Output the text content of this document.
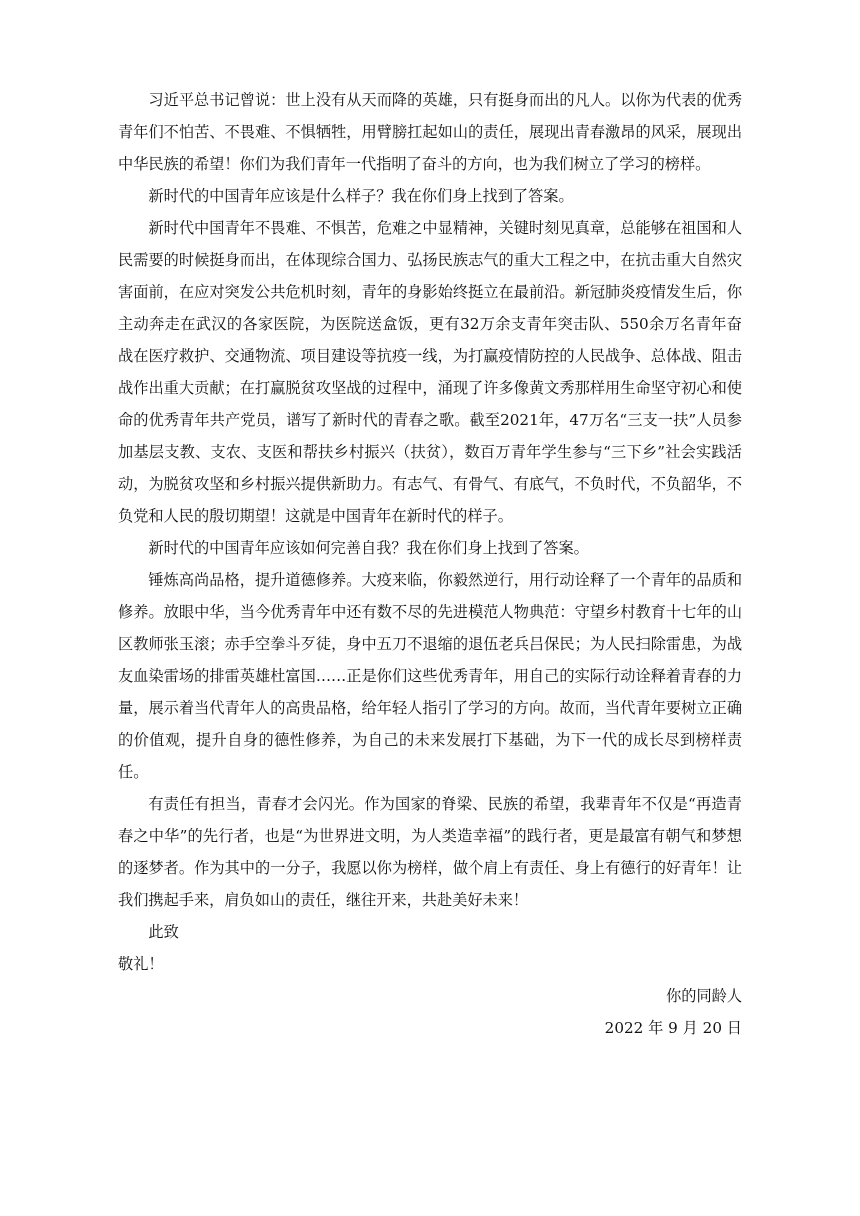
习近平总书记曾说：世上没有从天而降的英雄，只有挺身而出的凡人。以你为代表的优秀青年们不怕苦、不畏难、不惧牺牲，用臂膀扛起如山的责任，展现出青春激昂的风采，展现出中华民族的希望！你们为我们青年一代指明了奋斗的方向，也为我们树立了学习的榜样。

新时代的中国青年应该是什么样子？我在你们身上找到了答案。

新时代中国青年不畏难、不惧苦，危难之中显精神，关键时刻见真章，总能够在祖国和人民需要的时候挺身而出，在体现综合国力、弘扬民族志气的重大工程之中，在抗击重大自然灾害面前，在应对突发公共危机时刻，青年的身影始终挺立在最前沿。新冠肺炎疫情发生后，你主动奔走在武汉的各家医院，为医院送盒饭，更有32万余支青年突击队、550余万名青年奋战在医疗救护、交通物流、项目建设等抗疫一线，为打赢疫情防控的人民战争、总体战、阻击战作出重大贡献；在打赢脱贫攻坚战的过程中，涌现了许多像黄文秀那样用生命坚守初心和使命的优秀青年共产党员，谱写了新时代的青春之歌。截至2021年，47万名“三支一扶”人员参加基层支教、支农、支医和帮扶乡村振兴（扶贫），数百万青年学生参与“三下乡”社会实践活动，为脱贫攻坚和乡村振兴提供新助力。有志气、有骨气、有底气，不负时代，不负韶华，不负党和人民的殷切期望！这就是中国青年在新时代的样子。

新时代的中国青年应该如何完善自我？我在你们身上找到了答案。

锤炼高尚品格，提升道德修养。大疫来临，你毅然逆行，用行动诠释了一个青年的品质和修养。放眼中华，当今优秀青年中还有数不尽的先进模范人物典范：守望乡村教育十七年的山区教师张玉滚；赤手空拳斗歹徒，身中五刀不退缩的退伍老兵吕保民；为人民扫除雷患，为战友血染雷场的排雷英雄杜富国……正是你们这些优秀青年，用自己的实际行动诠释着青春的力量，展示着当代青年人的高贵品格，给年轻人指引了学习的方向。故而，当代青年要树立正确的价值观，提升自身的德性修养，为自己的未来发展打下基础，为下一代的成长尽到榜样责任。

有责任有担当，青春才会闪光。作为国家的脊梁、民族的希望，我辈青年不仅是“再造青春之中华”的先行者，也是“为世界进文明，为人类造幸福”的践行者，更是最富有朝气和梦想的逐梦者。作为其中的一分子，我愿以你为榜样，做个肩上有责任、身上有德行的好青年！让我们携起手来，肩负如山的责任，继往开来，共赴美好未来！

此致

敬礼！

你的同龄人

2022 年 9 月 20 日
